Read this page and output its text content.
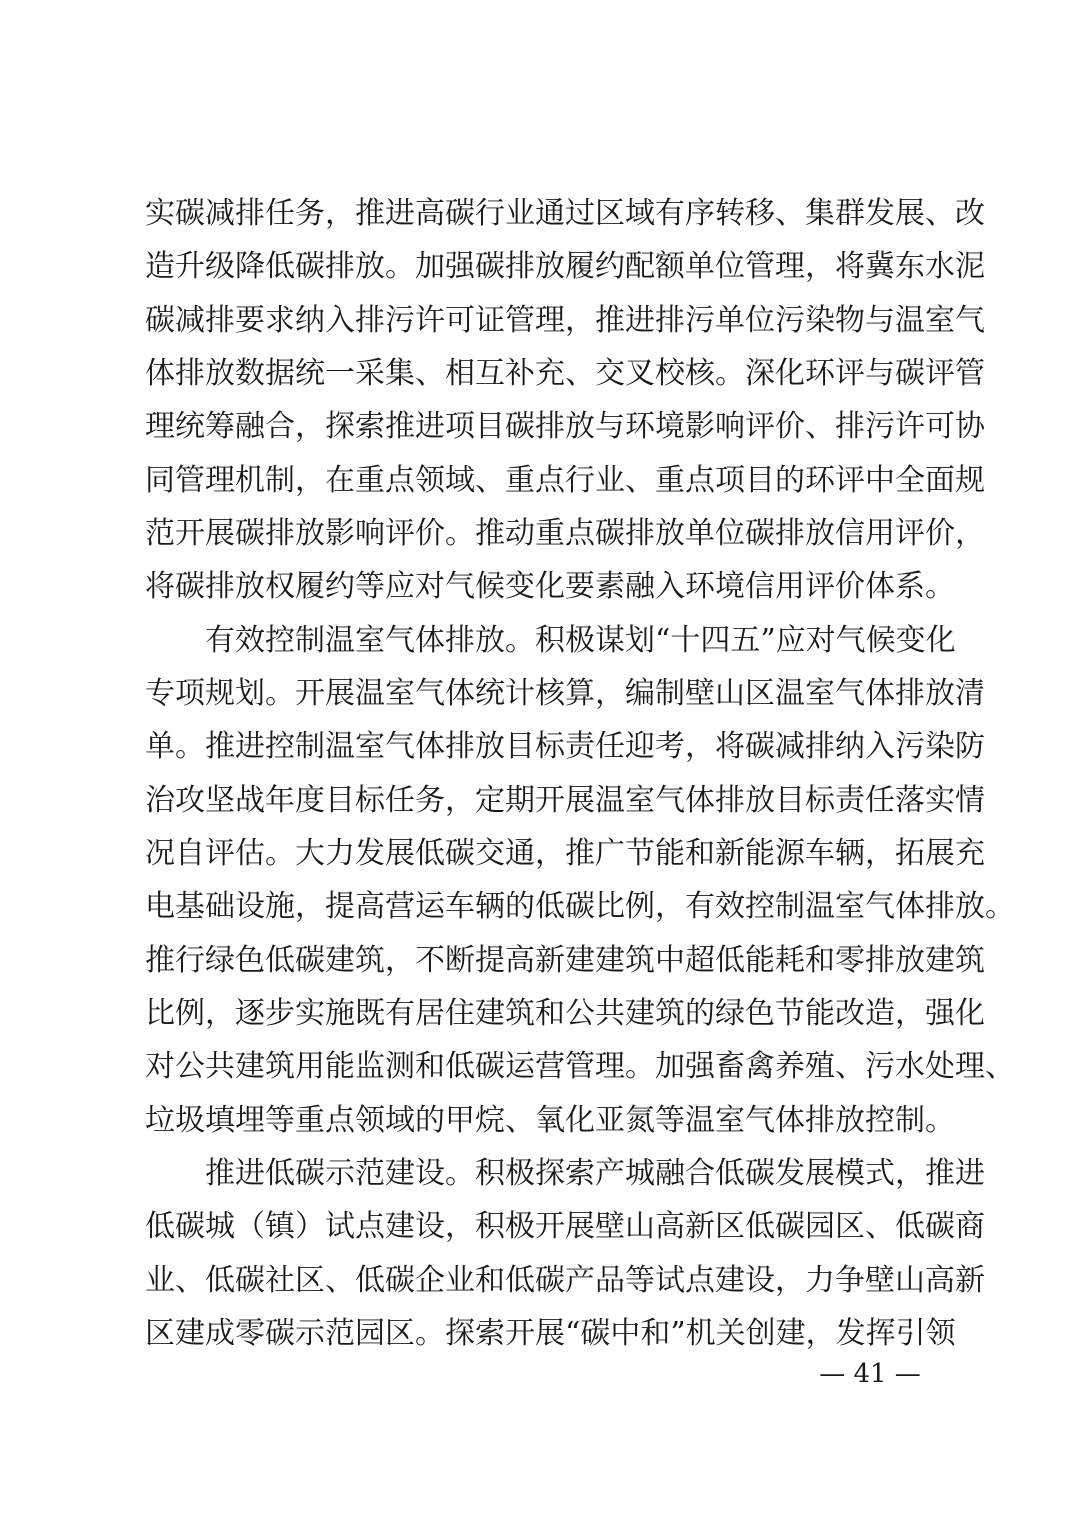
实碳减排任务，推进高碳行业通过区域有序转移、集群发展、改
造升级降低碳排放。加强碳排放履约配额单位管理，将冀东水泥
碳减排要求纳入排污许可证管理，推进排污单位污染物与温室气
体排放数据统一采集、相互补充、交叉校核。深化环评与碳评管
理统筹融合，探索推进项目碳排放与环境影响评价、排污许可协
同管理机制，在重点领域、重点行业、重点项目的环评中全面规
范开展碳排放影响评价。推动重点碳排放单位碳排放信用评价，
将碳排放权履约等应对气候变化要素融入环境信用评价体系。
有效控制温室气体排放。积极谋划“十四五”应对气候变化
专项规划。开展温室气体统计核算，编制壁山区温室气体排放清
单。推进控制温室气体排放目标责任迎考，将碳减排纳入污染防
治攻坚战年度目标任务，定期开展温室气体排放目标责任落实情
况自评估。大力发展低碳交通，推广节能和新能源车辆，拓展充
电基础设施，提高营运车辆的低碳比例，有效控制温室气体排放。
推行绿色低碳建筑，不断提高新建建筑中超低能耗和零排放建筑
比例，逐步实施既有居住建筑和公共建筑的绿色节能改造，强化
对公共建筑用能监测和低碳运营管理。加强畜禽养殖、污水处理、
垃圾填埋等重点领域的甲烷、氧化亚氮等温室气体排放控制。
推进低碳示范建设。积极探索产城融合低碳发展模式，推进
低碳城（镇）试点建设，积极开展壁山高新区低碳园区、低碳商
业、低碳社区、低碳企业和低碳产品等试点建设，力争壁山高新
区建成零碳示范园区。探索开展“碳中和”机关创建，发挥引领
— 41 —
